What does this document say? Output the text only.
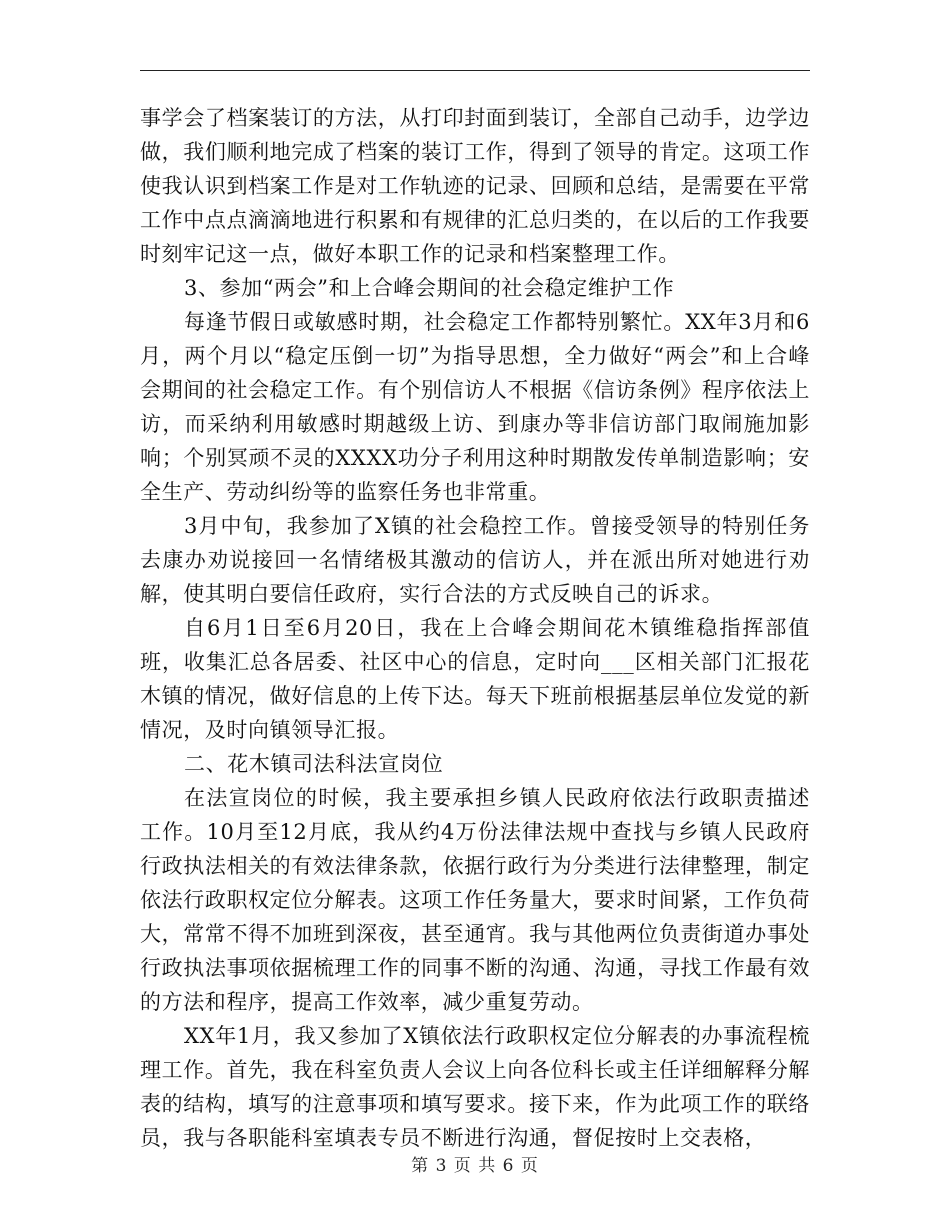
事学会了档案装订的方法，从打印封面到装订，全部自己动手，边学边做，我们顺利地完成了档案的装订工作，得到了领导的肯定。这项工作使我认识到档案工作是对工作轨迹的记录、回顾和总结，是需要在平常工作中点点滴滴地进行积累和有规律的汇总归类的，在以后的工作我要时刻牢记这一点，做好本职工作的记录和档案整理工作。

3、参加“两会”和上合峰会期间的社会稳定维护工作

每逢节假日或敏感时期，社会稳定工作都特别繁忙。XX年3月和6月，两个月以“稳定压倒一切”为指导思想，全力做好“两会”和上合峰会期间的社会稳定工作。有个别信访人不根据《信访条例》程序依法上访，而采纳利用敏感时期越级上访、到康办等非信访部门取闹施加影响；个别冥顽不灵的XXXX功分子利用这种时期散发传单制造影响；安全生产、劳动纠纷等的监察任务也非常重。

3月中旬，我参加了X镇的社会稳控工作。曾接受领导的特别任务去康办劝说接回一名情绪极其激动的信访人，并在派出所对她进行劝解，使其明白要信任政府，实行合法的方式反映自己的诉求。

自6月1日至6月20日，我在上合峰会期间花木镇维稳指挥部值班，收集汇总各居委、社区中心的信息，定时向___区相关部门汇报花木镇的情况，做好信息的上传下达。每天下班前根据基层单位发觉的新情况，及时向镇领导汇报。

二、花木镇司法科法宣岗位

在法宣岗位的时候，我主要承担乡镇人民政府依法行政职责描述工作。10月至12月底，我从约4万份法律法规中查找与乡镇人民政府行政执法相关的有效法律条款，依据行政行为分类进行法律整理，制定依法行政职权定位分解表。这项工作任务量大，要求时间紧，工作负荷大，常常不得不加班到深夜，甚至通宵。我与其他两位负责街道办事处行政执法事项依据梳理工作的同事不断的沟通、沟通，寻找工作最有效的方法和程序，提高工作效率，减少重复劳动。

XX年1月，我又参加了X镇依法行政职权定位分解表的办事流程梳理工作。首先，我在科室负责人会议上向各位科长或主任详细解释分解表的结构，填写的注意事项和填写要求。接下来，作为此项工作的联络员，我与各职能科室填表专员不断进行沟通，督促按时上交表格，

第 3 页 共 6 页
